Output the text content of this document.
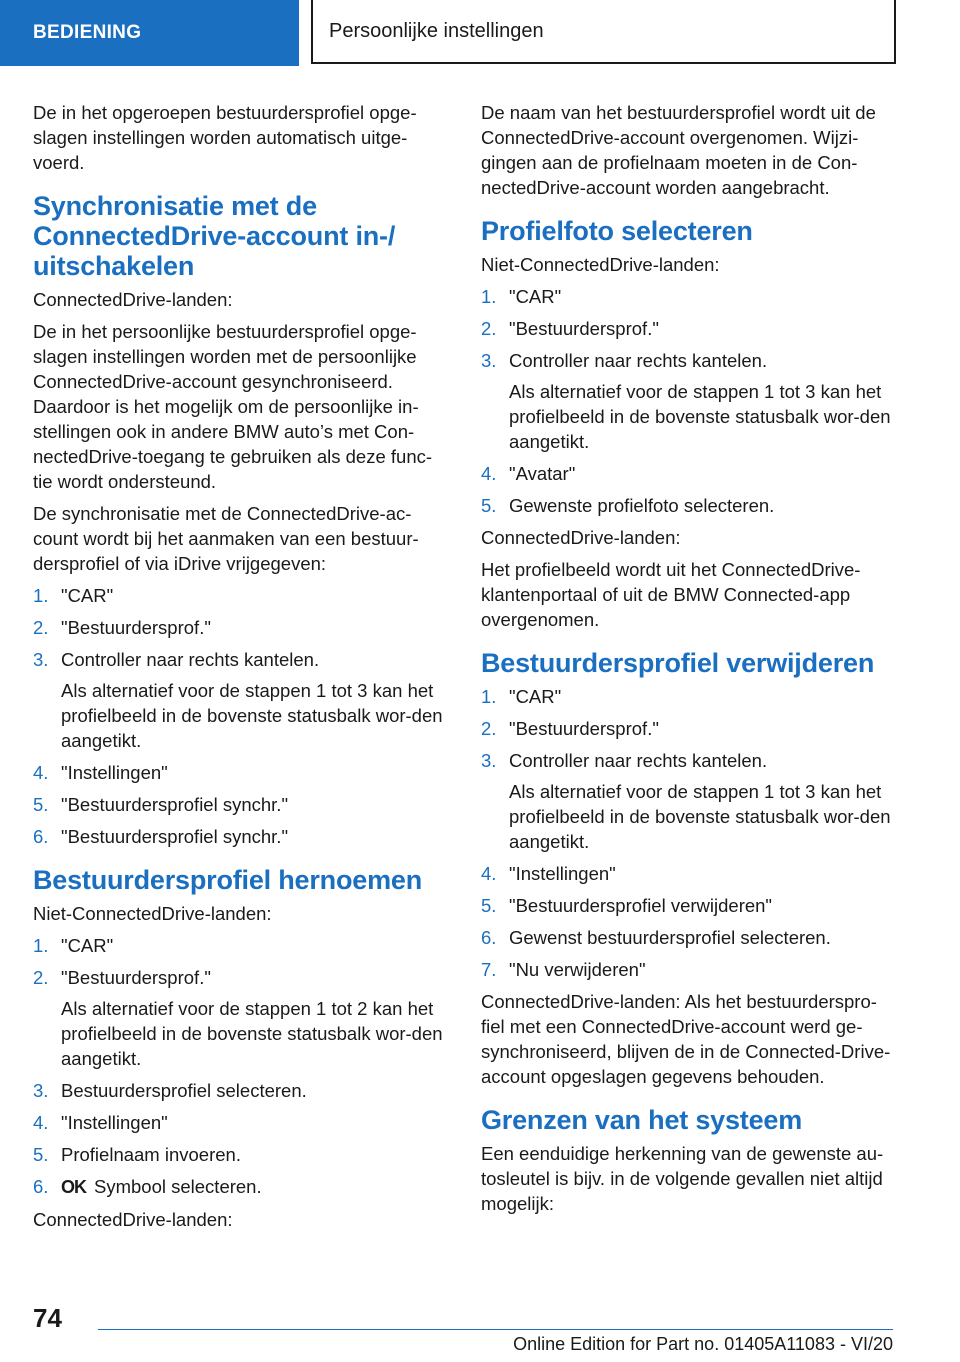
BEDIENING	Persoonlijke instellingen

De in het opgeroepen bestuurdersprofiel opge-slagen instellingen worden automatisch uitge-voerd.

Synchronisatie met de ConnectedDrive-account in-/ uitschakelen

ConnectedDrive-landen:

De in het persoonlijke bestuurdersprofiel opge-slagen instellingen worden met de persoonlijke ConnectedDrive-account gesynchroniseerd. Daardoor is het mogelijk om de persoonlijke in-stellingen ook in andere BMW auto’s met Con-nectedDrive-toegang te gebruiken als deze func-tie wordt ondersteund.

De synchronisatie met de ConnectedDrive-ac-count wordt bij het aanmaken van een bestuur-dersprofiel of via iDrive vrijgegeven:

1. "CAR"
2. "Bestuurdersprof."
3. Controller naar rechts kantelen.
Als alternatief voor de stappen 1 tot 3 kan het profielbeeld in de bovenste statusbalk wor-den aangetikt.
4. "Instellingen"
5. "Bestuurdersprofiel synchr."
6. "Bestuurdersprofiel synchr."
Bestuurdersprofiel hernoemen

Niet-ConnectedDrive-landen:

1. "CAR"
2. "Bestuurdersprof."
Als alternatief voor de stappen 1 tot 2 kan het profielbeeld in de bovenste statusbalk wor-den aangetikt.
3. Bestuurdersprofiel selecteren.
4. "Instellingen"
5. Profielnaam invoeren.
6. OK Symbool selecteren.

ConnectedDrive-landen:

De naam van het bestuurdersprofiel wordt uit de ConnectedDrive-account overgenomen. Wijzi-gingen aan de profielnaam moeten in de Con-nectedDrive-account worden aangebracht.

Profielfoto selecteren

Niet-ConnectedDrive-landen:

1. "CAR"
2. "Bestuurdersprof."
3. Controller naar rechts kantelen.
Als alternatief voor de stappen 1 tot 3 kan het profielbeeld in de bovenste statusbalk wor-den aangetikt.
4. "Avatar"
5. Gewenste profielfoto selecteren.

ConnectedDrive-landen:

Het profielbeeld wordt uit het ConnectedDrive-klantenportaal of uit de BMW Connected-app overgenomen.

Bestuurdersprofiel verwijderen
1. "CAR"
2. "Bestuurdersprof."
3. Controller naar rechts kantelen.
Als alternatief voor de stappen 1 tot 3 kan het profielbeeld in de bovenste statusbalk wor-den aangetikt.
4. "Instellingen"
5. "Bestuurdersprofiel verwijderen"
6. Gewenst bestuurdersprofiel selecteren.
7. "Nu verwijderen"

ConnectedDrive-landen: Als het bestuurderspro-fiel met een ConnectedDrive-account werd ge-synchroniseerd, blijven de in de Connected-Drive-account opgeslagen gegevens behouden.

Grenzen van het systeem

Een eenduidige herkenning van de gewenste au-tosleutel is bijv. in de volgende gevallen niet altijd mogelijk:

74
Online Edition for Part no. 01405A11083 - VI/20
